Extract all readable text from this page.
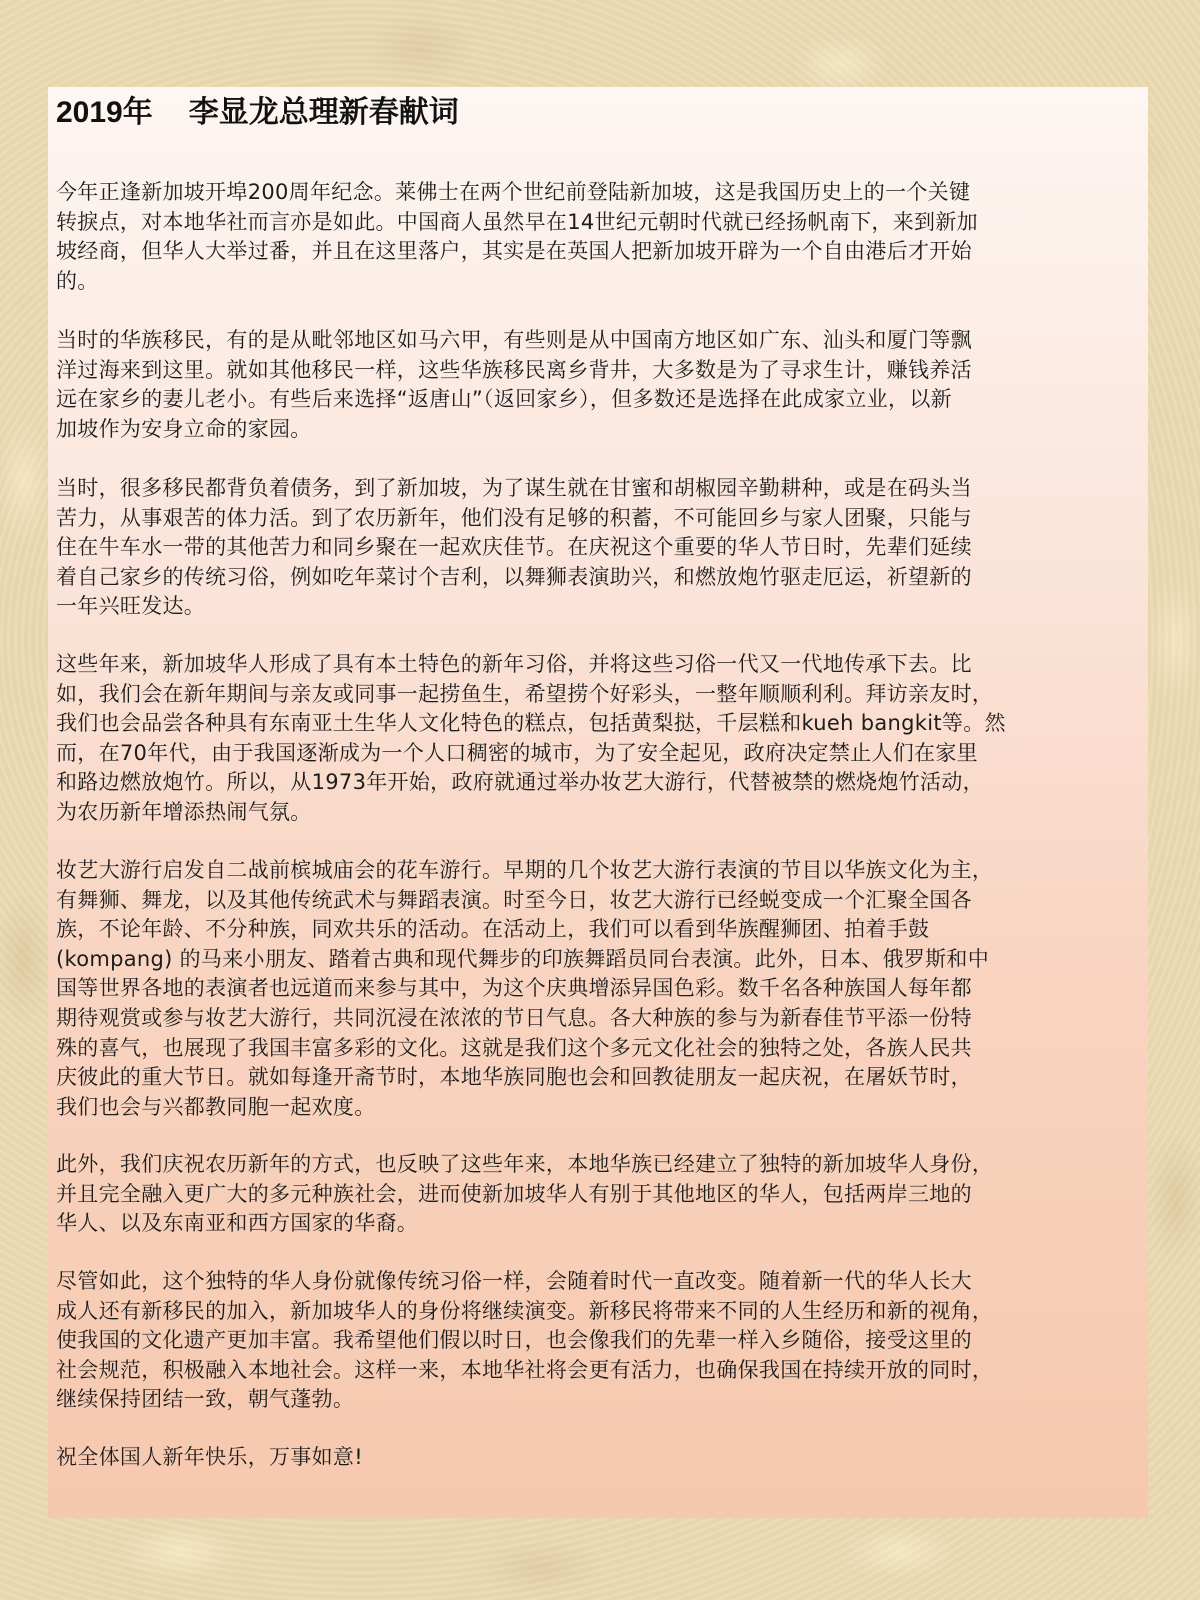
2019年 李显龙总理新春献词
今年正逢新加坡开埠200周年纪念。莱佛士在两个世纪前登陆新加坡，这是我国历史上的一个关键
转捩点，对本地华社而言亦是如此。中国商人虽然早在14世纪元朝时代就已经扬帆南下，来到新加
坡经商，但华人大举过番，并且在这里落户，其实是在英国人把新加坡开辟为一个自由港后才开始
的。
当时的华族移民，有的是从毗邻地区如马六甲，有些则是从中国南方地区如广东、汕头和厦门等飘
洋过海来到这里。就如其他移民一样，这些华族移民离乡背井，大多数是为了寻求生计，赚钱养活
远在家乡的妻儿老小。有些后来选择“返唐山”（返回家乡），但多数还是选择在此成家立业，以新
加坡作为安身立命的家园。
当时，很多移民都背负着债务，到了新加坡，为了谋生就在甘蜜和胡椒园辛勤耕种，或是在码头当
苦力，从事艰苦的体力活。到了农历新年，他们没有足够的积蓄，不可能回乡与家人团聚，只能与
住在牛车水一带的其他苦力和同乡聚在一起欢庆佳节。在庆祝这个重要的华人节日时，先辈们延续
着自己家乡的传统习俗，例如吃年菜讨个吉利，以舞狮表演助兴，和燃放炮竹驱走厄运，祈望新的
一年兴旺发达。
这些年来，新加坡华人形成了具有本土特色的新年习俗，并将这些习俗一代又一代地传承下去。比
如，我们会在新年期间与亲友或同事一起捞鱼生，希望捞个好彩头，一整年顺顺利利。拜访亲友时，
我们也会品尝各种具有东南亚土生华人文化特色的糕点，包括黄梨挞，千层糕和kueh bangkit等。然
而，在70年代，由于我国逐渐成为一个人口稠密的城市，为了安全起见，政府决定禁止人们在家里
和路边燃放炮竹。所以，从1973年开始，政府就通过举办妆艺大游行，代替被禁的燃烧炮竹活动，
为农历新年增添热闹气氛。
妆艺大游行启发自二战前槟城庙会的花车游行。早期的几个妆艺大游行表演的节目以华族文化为主，
有舞狮、舞龙，以及其他传统武术与舞蹈表演。时至今日，妆艺大游行已经蜕变成一个汇聚全国各
族，不论年龄、不分种族，同欢共乐的活动。在活动上，我们可以看到华族醒狮团、拍着手鼓
(kompang) 的马来小朋友、踏着古典和现代舞步的印族舞蹈员同台表演。此外，日本、俄罗斯和中
国等世界各地的表演者也远道而来参与其中，为这个庆典增添异国色彩。数千名各种族国人每年都
期待观赏或参与妆艺大游行，共同沉浸在浓浓的节日气息。各大种族的参与为新春佳节平添一份特
殊的喜气，也展现了我国丰富多彩的文化。这就是我们这个多元文化社会的独特之处，各族人民共
庆彼此的重大节日。就如每逢开斋节时，本地华族同胞也会和回教徒朋友一起庆祝，在屠妖节时，
我们也会与兴都教同胞一起欢度。
此外，我们庆祝农历新年的方式，也反映了这些年来，本地华族已经建立了独特的新加坡华人身份，
并且完全融入更广大的多元种族社会，进而使新加坡华人有别于其他地区的华人，包括两岸三地的
华人、以及东南亚和西方国家的华裔。
尽管如此，这个独特的华人身份就像传统习俗一样，会随着时代一直改变。随着新一代的华人长大
成人还有新移民的加入，新加坡华人的身份将继续演变。新移民将带来不同的人生经历和新的视角，
使我国的文化遗产更加丰富。我希望他们假以时日，也会像我们的先辈一样入乡随俗，接受这里的
社会规范，积极融入本地社会。这样一来，本地华社将会更有活力，也确保我国在持续开放的同时，
继续保持团结一致，朝气蓬勃。
祝全体国人新年快乐，万事如意!
